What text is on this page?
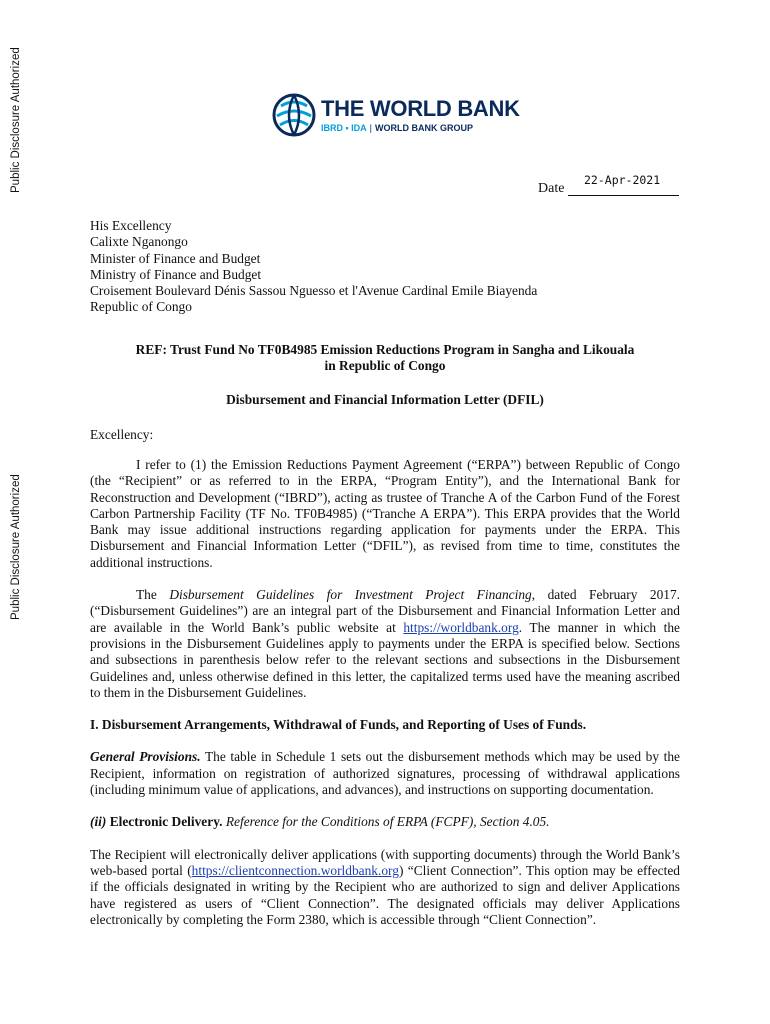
Public Disclosure Authorized
Public Disclosure Authorized
THE WORLD BANK
IBRD • IDA | WORLD BANK GROUP
Date
22-Apr-2021
His Excellency
Calixte Nganongo
Minister of Finance and Budget
Ministry of Finance and Budget
Croisement Boulevard Dénis Sassou Nguesso et l'Avenue Cardinal Emile Biayenda
Republic of Congo
REF: Trust Fund No TF0B4985 Emission Reductions Program in Sangha and Likouala
in Republic of Congo
Disbursement and Financial Information Letter (DFIL)
Excellency:

I refer to (1) the Emission Reductions Payment Agreement (“ERPA”) between Republic of Congo (the “Recipient” or as referred to in the ERPA, “Program Entity”), and the International Bank for Reconstruction and Development (“IBRD”), acting as trustee of Tranche A of the Carbon Fund of the Forest Carbon Partnership Facility (TF No. TF0B4985) (“Tranche A ERPA”). This ERPA provides that the World Bank may issue additional instructions regarding application for payments under the ERPA. This Disbursement and Financial Information Letter (“DFIL”), as revised from time to time, constitutes the additional instructions.

The Disbursement Guidelines for Investment Project Financing, dated February 2017. (“Disbursement Guidelines”) are an integral part of the Disbursement and Financial Information Letter and are available in the World Bank’s public website at https://worldbank.org. The manner in which the provisions in the Disbursement Guidelines apply to payments under the ERPA is specified below. Sections and subsections in parenthesis below refer to the relevant sections and subsections in the Disbursement Guidelines and, unless otherwise defined in this letter, the capitalized terms used have the meaning ascribed to them in the Disbursement Guidelines.

I. Disbursement Arrangements, Withdrawal of Funds, and Reporting of Uses of Funds.

General Provisions. The table in Schedule 1 sets out the disbursement methods which may be used by the Recipient, information on registration of authorized signatures, processing of withdrawal applications (including minimum value of applications, and advances), and instructions on supporting documentation.

(ii) Electronic Delivery. Reference for the Conditions of ERPA (FCPF), Section 4.05.

The Recipient will electronically deliver applications (with supporting documents) through the World Bank’s web-based portal (https://clientconnection.worldbank.org) “Client Connection”. This option may be effected if the officials designated in writing by the Recipient who are authorized to sign and deliver Applications have registered as users of “Client Connection”. The designated officials may deliver Applications electronically by completing the Form 2380, which is accessible through “Client Connection”.
